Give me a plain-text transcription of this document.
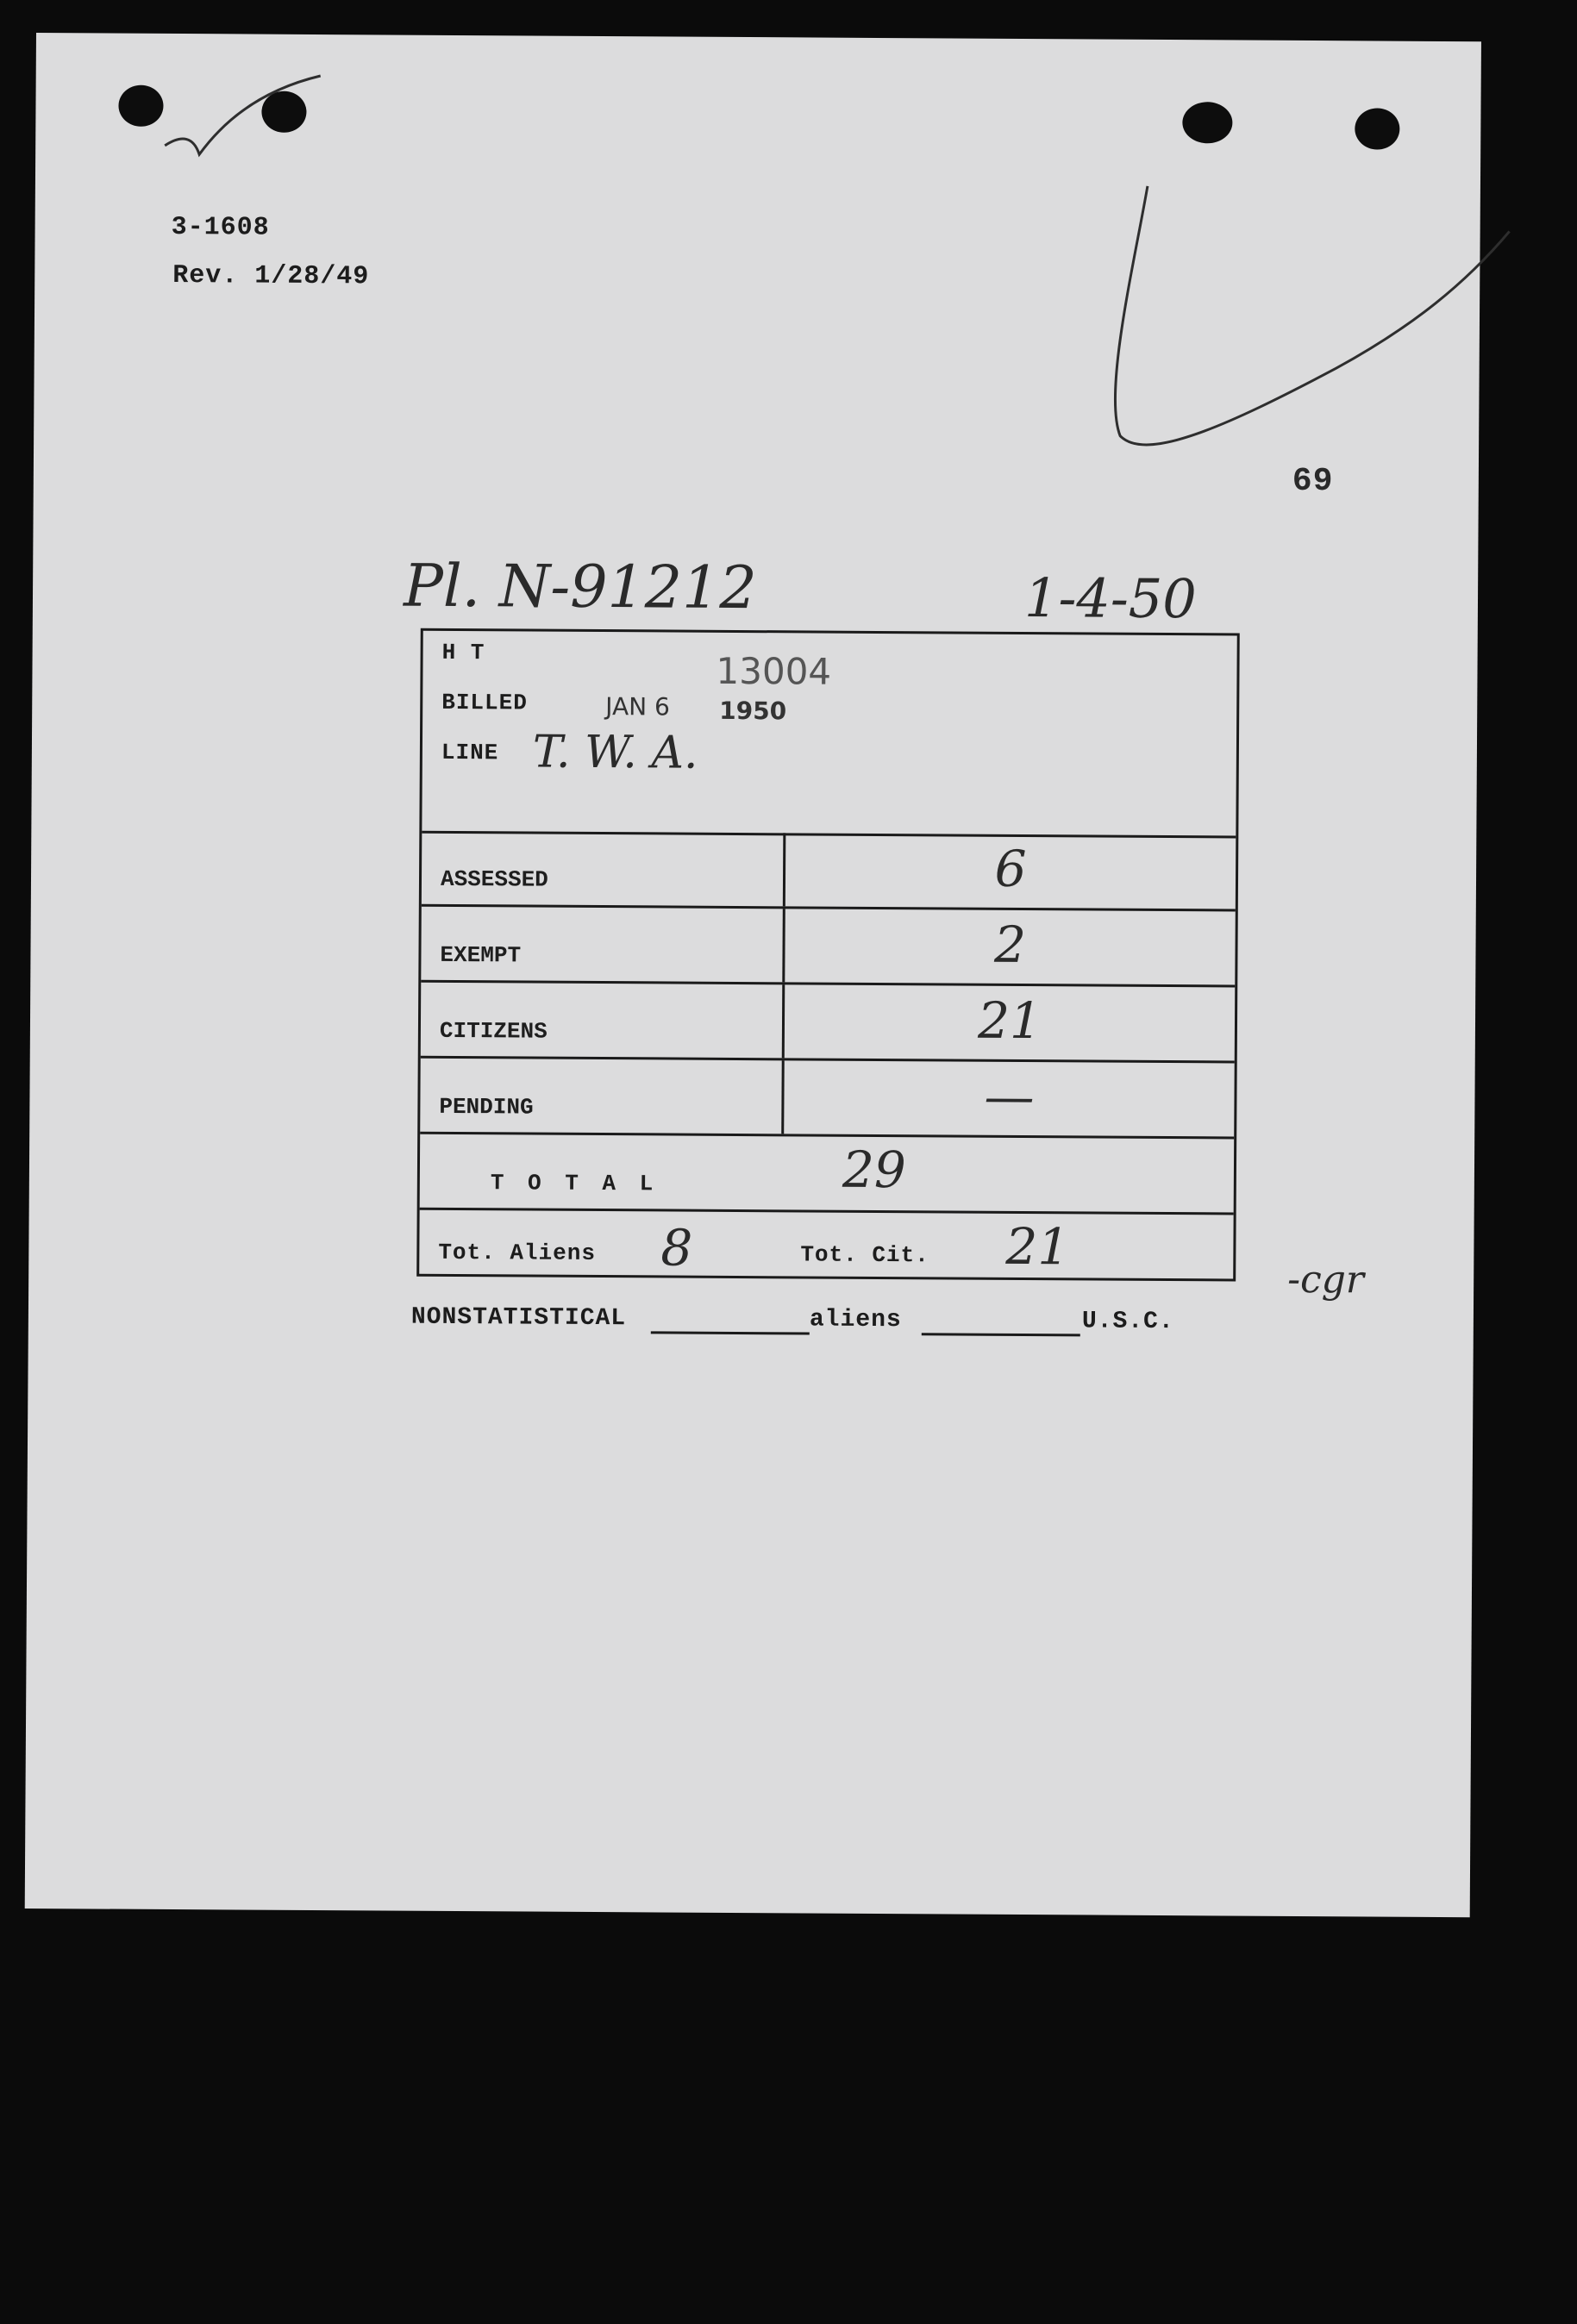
3-1608
Rev. 1/28/49
69
Pl. N-91212	1-4-50
H T	13004
BILLED	JAN 6 1950
LINE T. W. A.
ASSESSED	6
EXEMPT	2
CITIZENS	21
PENDING	—
T O T A L	29
Tot. Aliens 8	Tot. Cit. 21
NONSTATISTICAL	aliens	U.S.C.
-cgr
